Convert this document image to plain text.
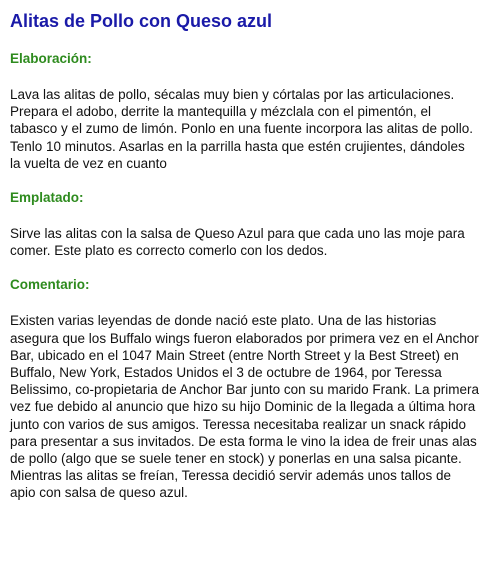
Alitas de Pollo con Queso azul
Elaboración:

Lava las alitas de pollo, sécalas muy bien y córtalas por las articulaciones. Prepara el adobo, derrite la mantequilla y mézclala con el pimentón, el tabasco y el zumo de limón. Ponlo en una fuente incorpora las alitas de pollo. Tenlo 10 minutos. Asarlas en la parrilla hasta que estén crujientes, dándoles la vuelta de vez en cuanto

Emplatado:

Sirve las alitas con la salsa de Queso Azul para que cada uno las moje para comer. Este plato es correcto comerlo con los dedos.

Comentario:

Existen varias leyendas de donde nació este plato. Una de las historias asegura que los Buffalo wings fueron elaborados por primera vez en el Anchor Bar, ubicado en el 1047 Main Street (entre North Street y la Best Street) en Buffalo, New York, Estados Unidos el 3 de octubre de 1964, por Teressa Belissimo, co-propietaria de Anchor Bar junto con su marido Frank. La primera vez fue debido al anuncio que hizo su hijo Dominic de la llegada a última hora junto con varios de sus amigos. Teressa necesitaba realizar un snack rápido para presentar a sus invitados. De esta forma le vino la idea de freir unas alas de pollo (algo que se suele tener en stock) y ponerlas en una salsa picante. Mientras las alitas se freían, Teressa decidió servir además unos tallos de apio con salsa de queso azul.
